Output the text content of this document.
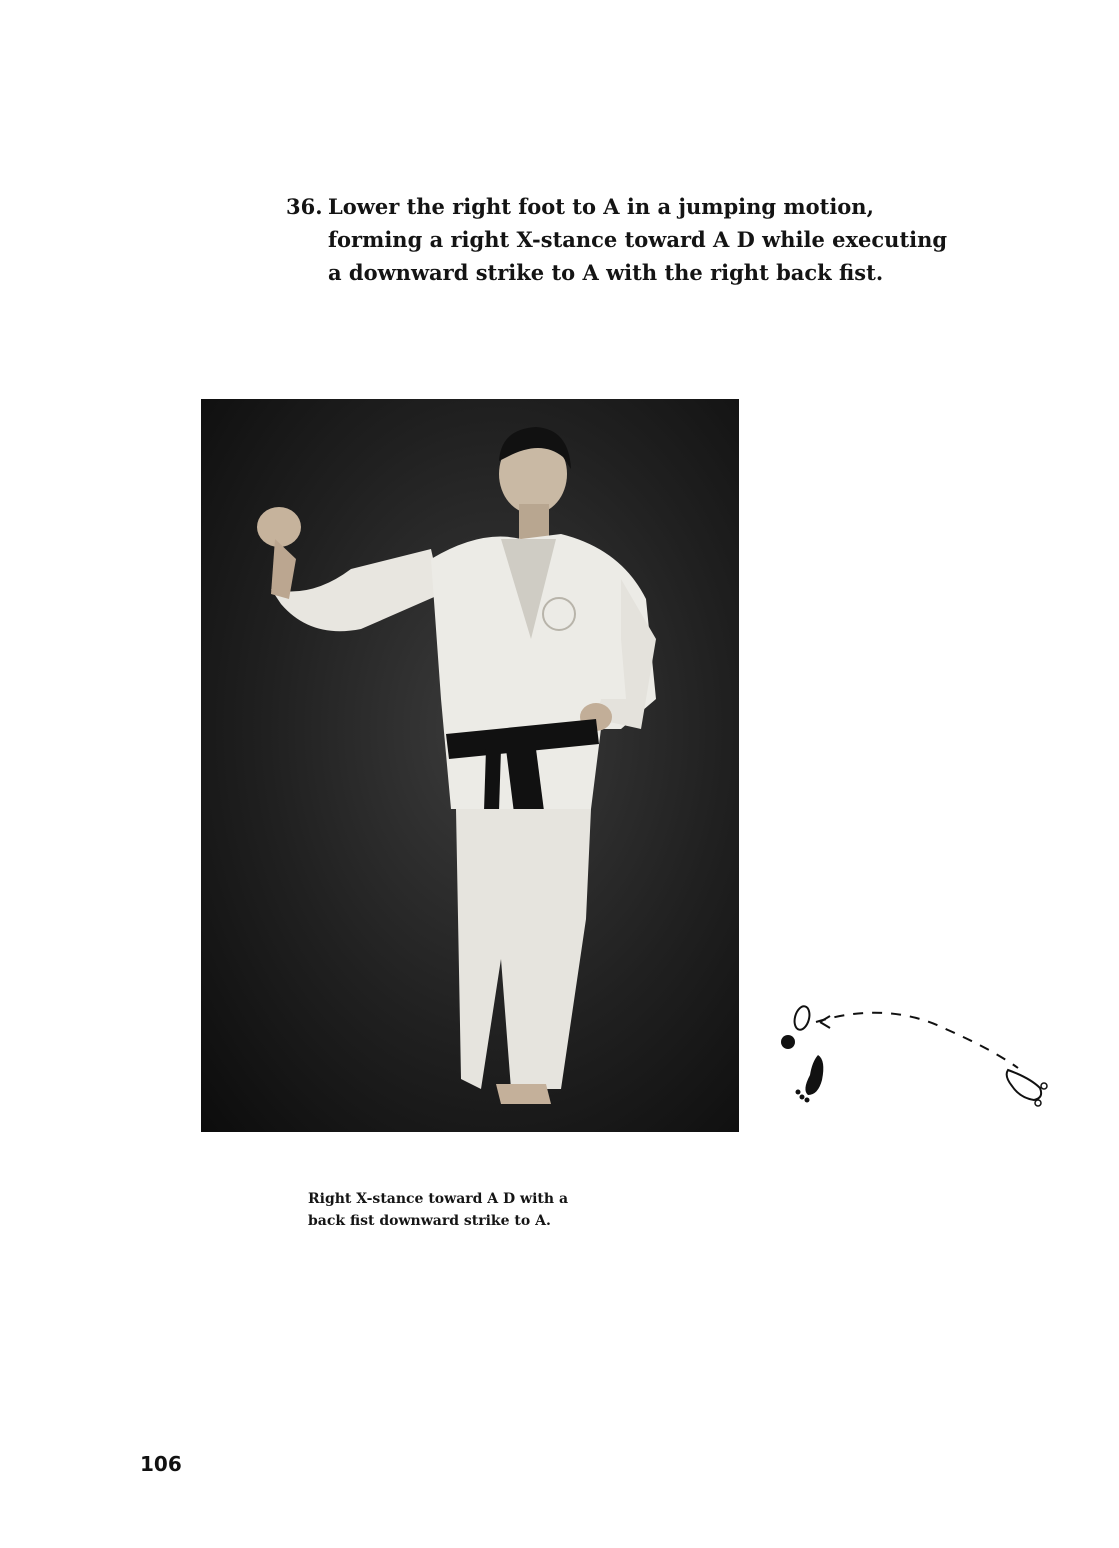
36. Lower the right foot to A in a jumping motion,
forming a right X-stance toward A D while executing
a downward strike to A with the right back fist.
Right X-stance toward A D with a
back fist downward strike to A.
106
